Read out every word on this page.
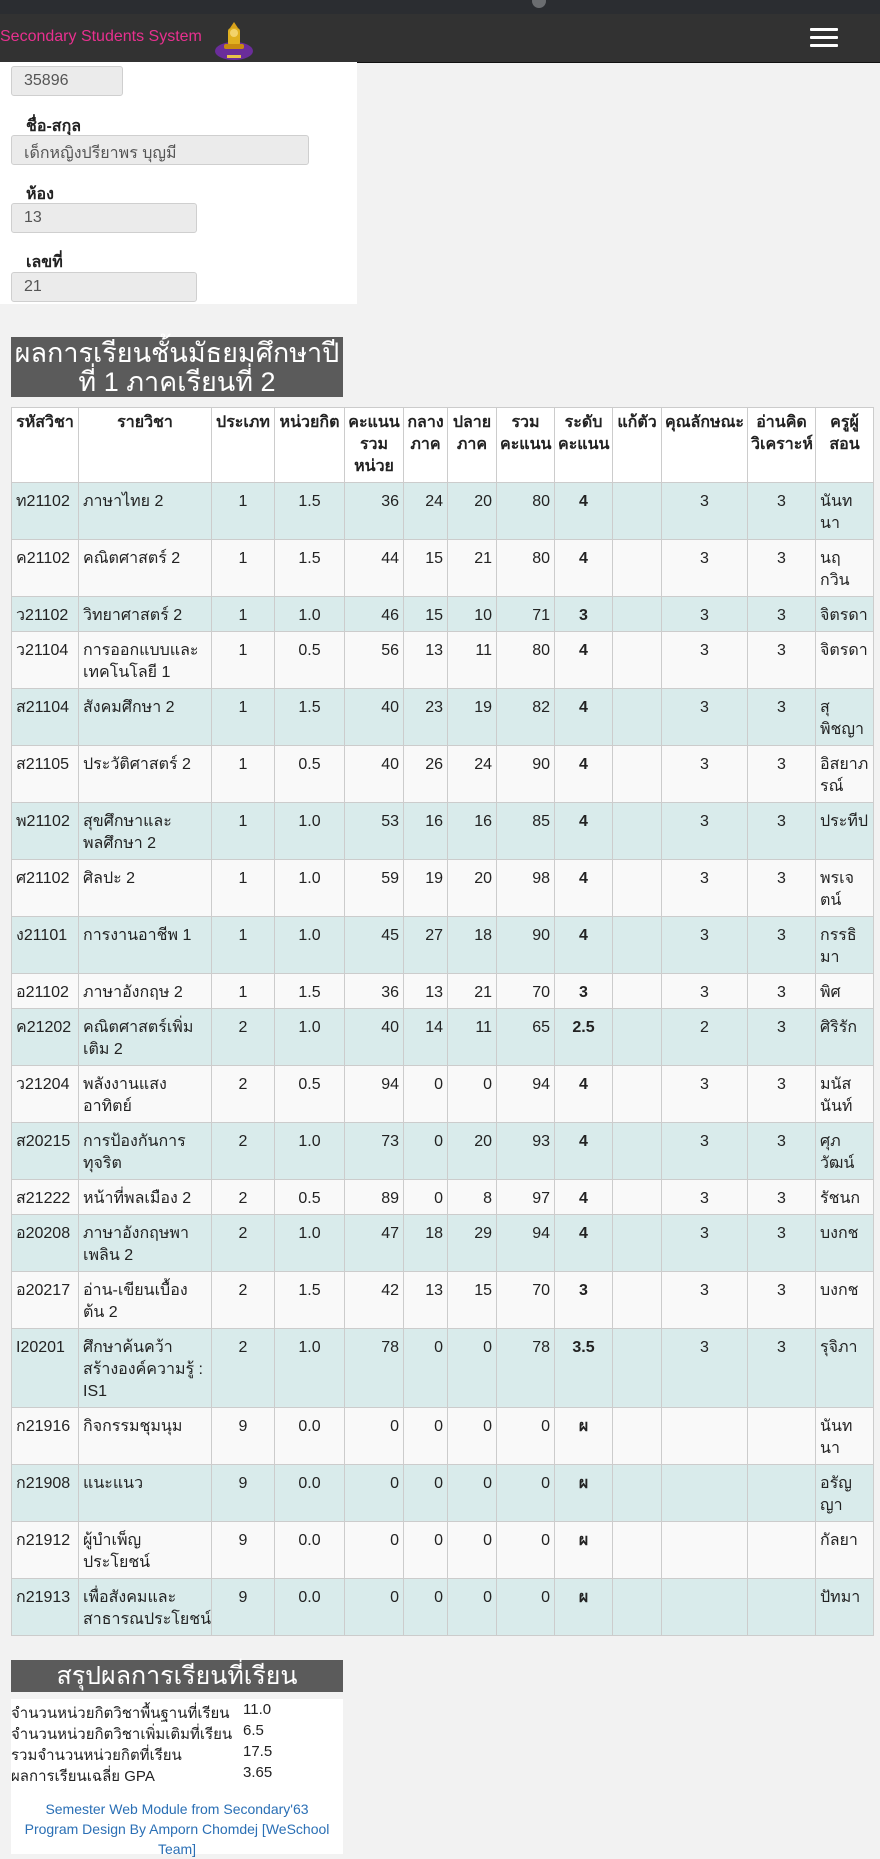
Secondary Students System
35896
ชื่อ-สกุล
เด็กหญิงปรียาพร บุญมี
ห้อง
13
เลขที่
21
ผลการเรียนชั้นมัธยมศึกษาปีที่ 1 ภาคเรียนที่ 2
รหัสวิชา	รายวิชา	ประเภท	หน่วยกิต	คะแนนรวมหน่วย	กลางภาค	ปลายภาค	รวมคะแนน	ระดับคะแนน	แก้ตัว	คุณลักษณะ	อ่านคิดวิเคราะห์	ครูผู้สอน
ท21102	ภาษาไทย 2	1	1.5	36	24	20	80	4		3	3	นันทนา
ค21102	คณิตศาสตร์ 2	1	1.5	44	15	21	80	4		3	3	นฤกวิน
ว21102	วิทยาศาสตร์ 2	1	1.0	46	15	10	71	3		3	3	จิตรดา
ว21104	การออกแบบและเทคโนโลยี 1	1	0.5	56	13	11	80	4		3	3	จิตรดา
ส21104	สังคมศึกษา 2	1	1.5	40	23	19	82	4		3	3	สุพิชญา
ส21105	ประวัติศาสตร์ 2	1	0.5	40	26	24	90	4		3	3	อิสยาภรณ์
พ21102	สุขศึกษาและพลศึกษา 2	1	1.0	53	16	16	85	4		3	3	ประทีป
ศ21102	ศิลปะ 2	1	1.0	59	19	20	98	4		3	3	พรเจตน์
ง21101	การงานอาชีพ 1	1	1.0	45	27	18	90	4		3	3	กรรธิมา
อ21102	ภาษาอังกฤษ 2	1	1.5	36	13	21	70	3		3	3	พิศ
ค21202	คณิตศาสตร์เพิ่มเติม 2	2	1.0	40	14	11	65	2.5		2	3	ศิริรัก
ว21204	พลังงานแสงอาทิตย์	2	0.5	94	0	0	94	4		3	3	มนัสนันท์
ส20215	การป้องกันการทุจริต	2	1.0	73	0	20	93	4		3	3	ศุภวัฒน์
ส21222	หน้าที่พลเมือง 2	2	0.5	89	0	8	97	4		3	3	รัชนก
อ20208	ภาษาอังกฤษพาเพลิน 2	2	1.0	47	18	29	94	4		3	3	บงกช
อ20217	อ่าน-เขียนเบื้องต้น 2	2	1.5	42	13	15	70	3		3	3	บงกช
I20201	ศึกษาค้นคว้าสร้างองค์ความรู้ : IS1	2	1.0	78	0	0	78	3.5		3	3	รุจิภา
ก21916	กิจกรรมชุมนุม	9	0.0	0	0	0	0	ผ				นันทนา
ก21908	แนะแนว	9	0.0	0	0	0	0	ผ				อรัญญา
ก21912	ผู้บำเพ็ญประโยชน์	9	0.0	0	0	0	0	ผ				กัลยา
ก21913	เพื่อสังคมและสาธารณประโยชน์	9	0.0	0	0	0	0	ผ				ปัทมา
สรุปผลการเรียนที่เรียน
ผลการเรียนเฉลี่ย GPA	3.65
รวมจำนวนหน่วยกิตที่เรียน	17.5
จำนวนหน่วยกิตวิชาเพิ่มเติมที่เรียน 6.5
จำนวนหน่วยกิตวิชาพื้นฐานที่เรียน 11.0
Semester Web Module from Secondary'63
Program Design By Amporn Chomdej [WeSchool Team]
